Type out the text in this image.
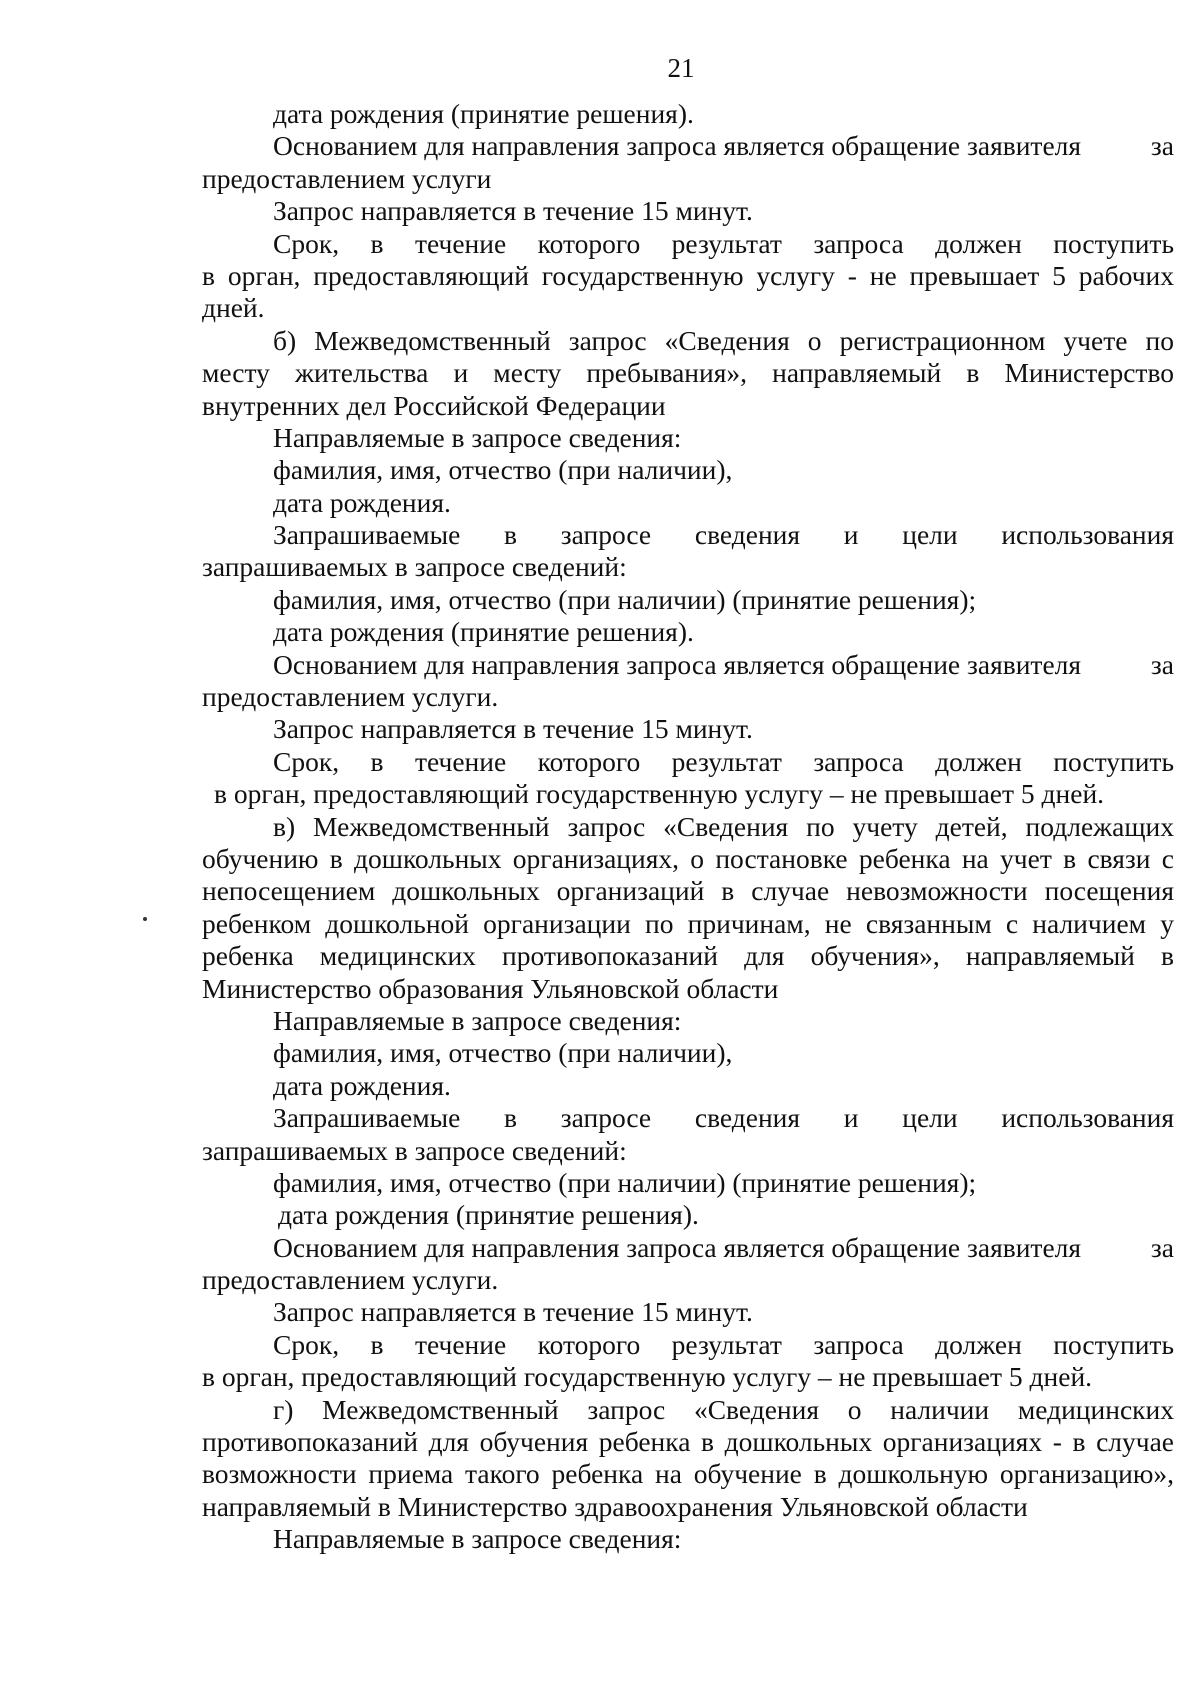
21
дата рождения (принятие решения).
Основанием для направления запроса является обращение заявителя	за
предоставлением услуги
Запрос направляется в течение 15 минут.
Срок, в течение которого результат запроса должен поступить
в орган, предоставляющий государственную услугу - не превышает 5 рабочих
дней.
б) Межведомственный запрос «Сведения о регистрационном учете по
месту жительства и месту пребывания», направляемый в Министерство
внутренних дел Российской Федерации
Направляемые в запросе сведения:
фамилия, имя, отчество (при наличии),
дата рождения.
Запрашиваемые в запросе сведения и цели использования
запрашиваемых в запросе сведений:
фамилия, имя, отчество (при наличии) (принятие решения);
дата рождения (принятие решения).
Основанием для направления запроса является обращение заявителя	за
предоставлением услуги.
Запрос направляется в течение 15 минут.
Срок, в течение которого результат запроса должен поступить
в орган, предоставляющий государственную услугу – не превышает 5 дней.
в) Межведомственный запрос «Сведения по учету детей, подлежащих
обучению в дошкольных организациях, о постановке ребенка на учет в связи с
непосещением дошкольных организаций в случае невозможности посещения
ребенком дошкольной организации по причинам, не связанным с наличием у
ребенка медицинских противопоказаний для обучения», направляемый в
Министерство образования Ульяновской области
Направляемые в запросе сведения:
фамилия, имя, отчество (при наличии),
дата рождения.
Запрашиваемые в запросе сведения и цели использования
запрашиваемых в запросе сведений:
фамилия, имя, отчество (при наличии) (принятие решения);
дата рождения (принятие решения).
Основанием для направления запроса является обращение заявителя	за
предоставлением услуги.
Запрос направляется в течение 15 минут.
Срок, в течение которого результат запроса должен поступить
в орган, предоставляющий государственную услугу – не превышает 5 дней.
г) Межведомственный запрос «Сведения о наличии медицинских
противопоказаний для обучения ребенка в дошкольных организациях - в случае
возможности приема такого ребенка на обучение в дошкольную организацию»,
направляемый в Министерство здравоохранения Ульяновской области
Направляемые в запросе сведения:
